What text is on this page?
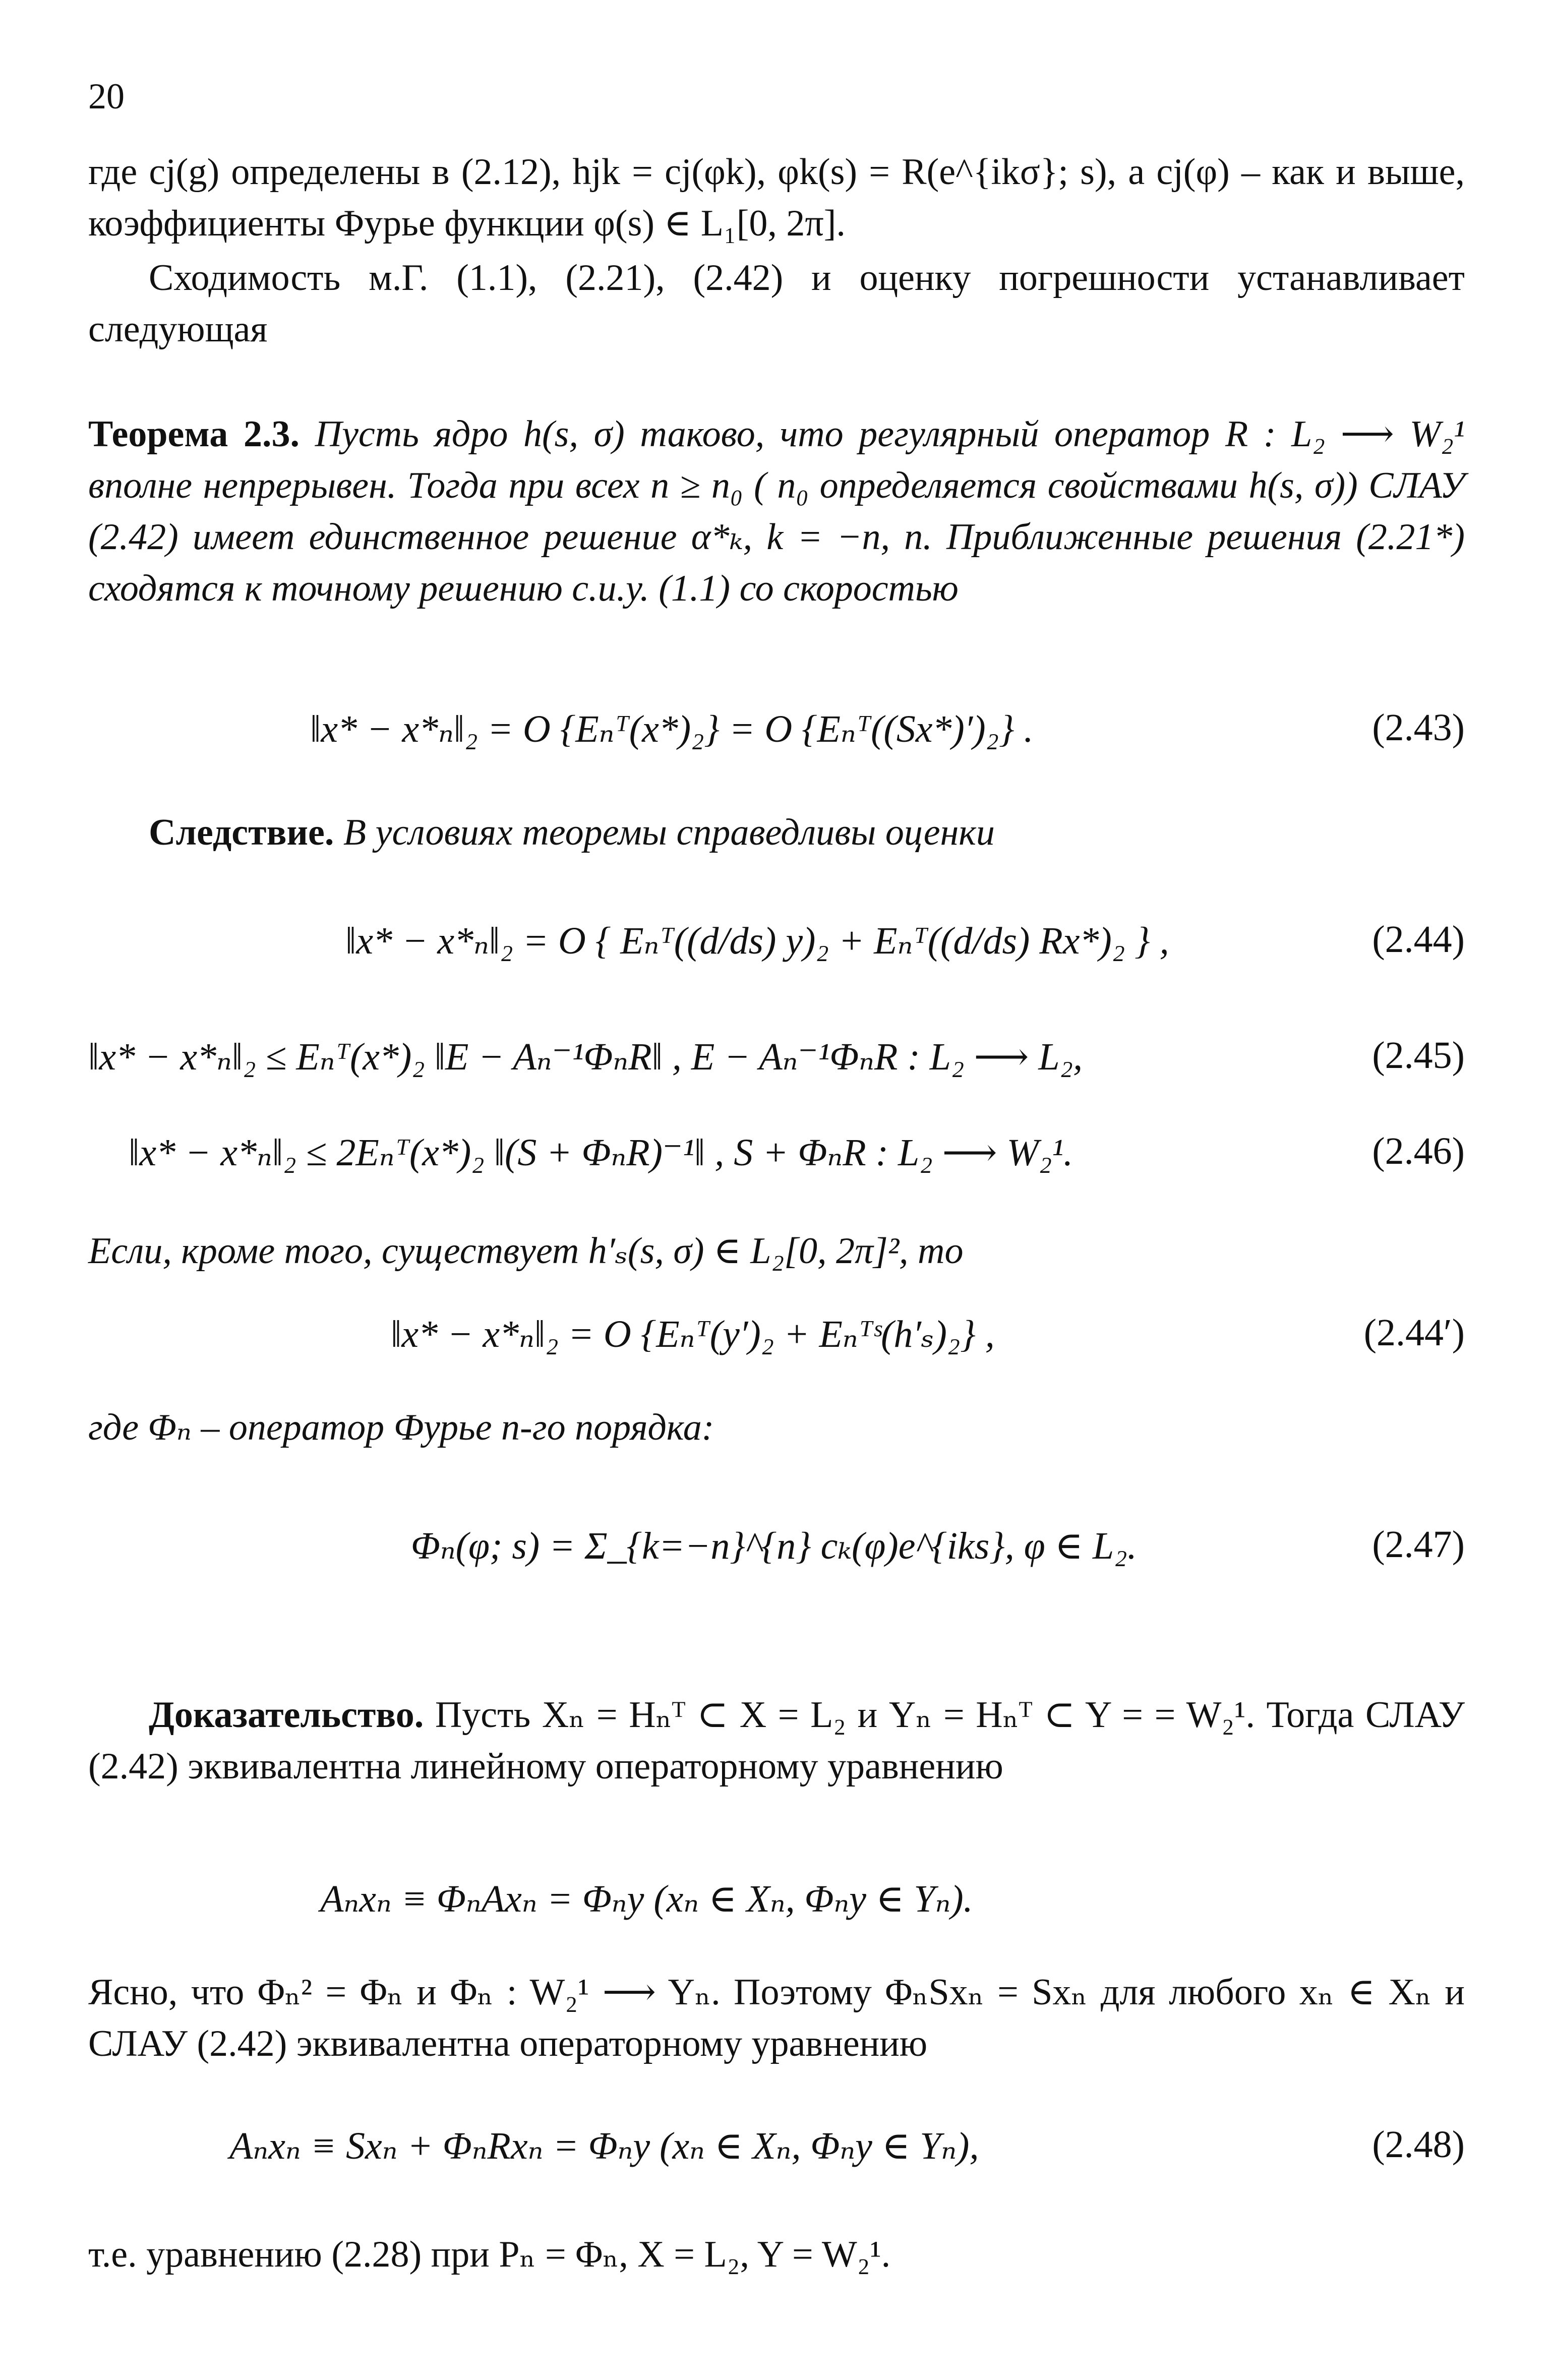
20

где cj(g) определены в (2.12), hjk = cj(φk), φk(s) = R(e^{ikσ}; s), а cj(φ) – как и выше, коэффициенты Фурье функции φ(s) ∈ L₁[0, 2π].

Сходимость м.Г. (1.1), (2.21), (2.42) и оценку погрешности устанавливает следующая

Теорема 2.3. Пусть ядро h(s, σ) таково, что регулярный оператор R : L₂ ⟶ W₂¹ вполне непрерывен. Тогда при всех n ≥ n₀ ( n₀ определяется свойствами h(s, σ)) СЛАУ (2.42) имеет единственное решение α*ₖ, k = −n, n. Приближенные решения (2.21*) сходятся к точному решению с.и.у. (1.1) со скоростью
‖x* − x*ₙ‖₂ = O {Eₙᵀ(x*)₂} = O {Eₙᵀ((Sx*)′)₂} .	(2.43)
Следствие. В условиях теоремы справедливы оценки
‖x* − x*ₙ‖₂ = O { Eₙᵀ((d/ds) y)₂ + Eₙᵀ((d/ds) Rx*)₂ } ,	(2.44)
‖x* − x*ₙ‖₂ ≤ Eₙᵀ(x*)₂ ‖E − Aₙ⁻¹ΦₙR‖ , E − Aₙ⁻¹ΦₙR : L₂ ⟶ L₂,	(2.45)
‖x* − x*ₙ‖₂ ≤ 2Eₙᵀ(x*)₂ ‖(S + ΦₙR)⁻¹‖ , S + ΦₙR : L₂ ⟶ W₂¹.	(2.46)
Если, кроме того, существует h′ₛ(s, σ) ∈ L₂[0, 2π]², то
‖x* − x*ₙ‖₂ = O {Eₙᵀ(y′)₂ + Eₙᵀˢ(h′ₛ)₂} ,	(2.44′)
где Φₙ – оператор Фурье n-го порядка:
Φₙ(φ; s) = Σ_{k=−n}^{n} cₖ(φ)e^{iks}, φ ∈ L₂.	(2.47)
Доказательство. Пусть Xₙ = Hₙᵀ ⊂ X = L₂ и Yₙ = Hₙᵀ ⊂ Y = = W₂¹. Тогда СЛАУ (2.42) эквивалентна линейному операторному уравнению
Aₙxₙ ≡ ΦₙAxₙ = Φₙy (xₙ ∈ Xₙ, Φₙy ∈ Yₙ).
Ясно, что Φₙ² = Φₙ и Φₙ : W₂¹ ⟶ Yₙ. Поэтому ΦₙSxₙ = Sxₙ для любого xₙ ∈ Xₙ и СЛАУ (2.42) эквивалентна операторному уравнению
Aₙxₙ ≡ Sxₙ + ΦₙRxₙ = Φₙy (xₙ ∈ Xₙ, Φₙy ∈ Yₙ),	(2.48)
т.е. уравнению (2.28) при Pₙ = Φₙ, X = L₂, Y = W₂¹.
